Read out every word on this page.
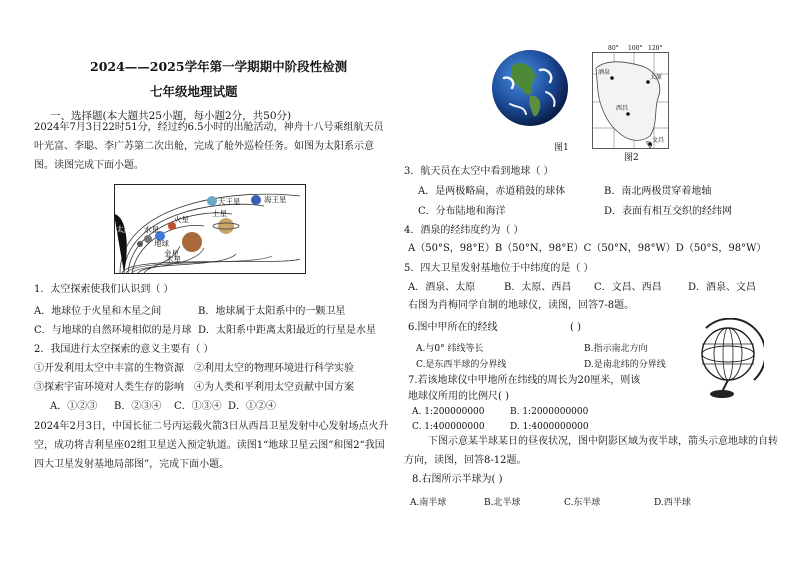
2024——2025学年第一学期期中阶段性检测
七年级地理试题
一、选择题(本大题共25小题，每小题2分，共50分)
2024年7月3日22时51分，经过约6.5小时的出舱活动，神舟十八号乘组航天员叶光富、李聪、李广苏第二次出舱，完成了舱外巡检任务。如图为太阳系示意图。读图完成下面小题。
太阳 水星
金星
地球
火星
木星
土星
天王星	海王星
1．太空探索使我们认识到（ ）
A．地球位于火星和木星之间	B．地球属于太阳系中的一颗卫星
C．与地球的自然环境相似的是月球 D．太阳系中距离太阳最近的行星是水星
2．我国进行太空探索的意义主要有（ ）
①开发利用太空中丰富的生物资源 ②利用太空的物理环境进行科学实验
③探索宇宙环境对人类生存的影响 ④为人类和平利用太空贡献中国方案
A．①②③ B．②③④ C．①③④ D．①②④
2024年2月3日，中国长征二号丙运载火箭3日从西昌卫星发射中心发射场点火升空，成功将吉利星座02组卫星送入预定轨道。读图1“地球卫星云图”和图2“我国四大卫星发射基地局部图”，完成下面小题。
图1
80° 100° 120°
酒泉
太原
西昌
文昌
图2
3．航天员在太空中看到地球（ ）
A．是两极略扁，赤道稍鼓的球体	B．南北两极贯穿着地轴
C．分布陆地和海洋	D．表面有相互交织的经纬网
4．酒泉的经纬度约为（ ）
A（50°S，98°E）B（50°N，98°E）C（50°N，98°W）D（50°S，98°W）
5．四大卫星发射基地位于中纬度的是（ ）
A．酒泉、太原	B．太原、西昌 C．文昌、西昌	D．酒泉、文昌
右图为肖梅同学自制的地球仪，读图，回答7-8题。
6.图中甲所在的经线	( )
A.与0° 纬线等长	B.指示南北方向
C.是东西半球的分界线	D.是南北纬的分界线
7.若该地球仪中甲地所在纬线的周长为20厘米，则该
地球仪所用的比例尺( )
A. 1:200000000	B. 1:2000000000
C. 1:400000000	D. 1:4000000000
下图示意某半球某日的昼夜状况，图中阴影区域为夜半球，箭头示意地球的自转方向，读图，回答8-12题。
8.右图所示半球为( )
A.南半球	B.北半球	C.东半球	D.西半球
